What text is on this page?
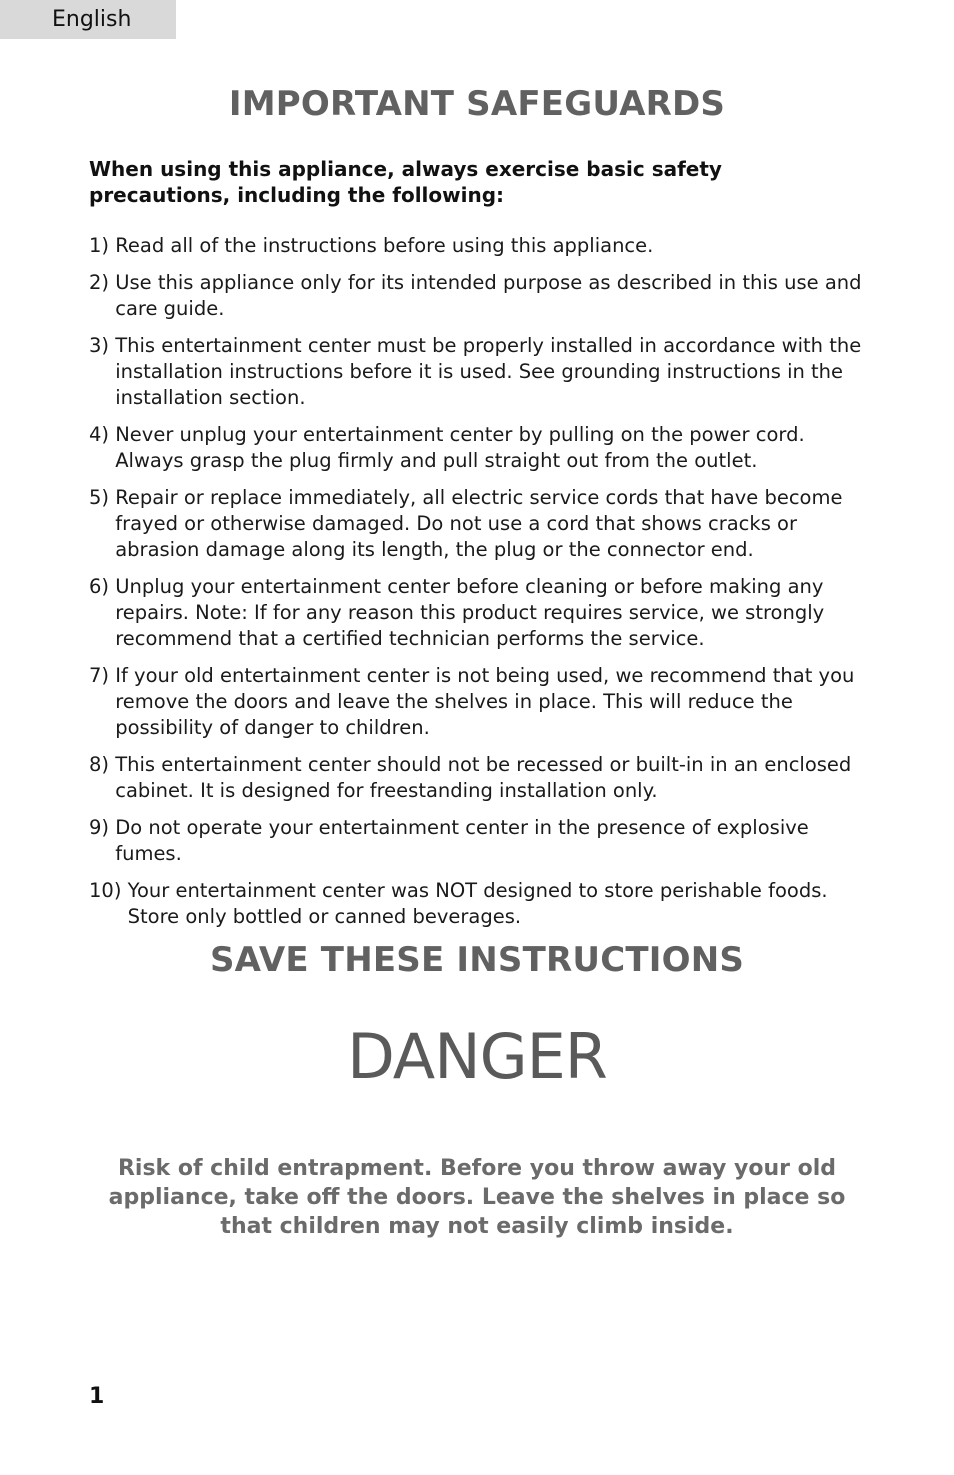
English
IMPORTANT SAFEGUARDS

When using this appliance, always exercise basic safety precautions, including the following:

1) Read all of the instructions before using this appliance.
2) Use this appliance only for its intended purpose as described in this use and care guide.
3) This entertainment center must be properly installed in accordance with the installation instructions before it is used. See grounding instructions in the installation section.
4) Never unplug your entertainment center by pulling on the power cord. Always grasp the plug firmly and pull straight out from the outlet.
5) Repair or replace immediately, all electric service cords that have become frayed or otherwise damaged. Do not use a cord that shows cracks or abrasion damage along its length, the plug or the connector end.
6) Unplug your entertainment center before cleaning or before making any repairs. Note: If for any reason this product requires service, we strongly recommend that a certified technician performs the service.
7) If your old entertainment center is not being used, we recommend that you remove the doors and leave the shelves in place. This will reduce the possibility of danger to children.
8) This entertainment center should not be recessed or built-in in an enclosed cabinet. It is designed for freestanding installation only.
9) Do not operate your entertainment center in the presence of explosive fumes.
10) Your entertainment center was NOT designed to store perishable foods. Store only bottled or canned beverages.
SAVE THESE INSTRUCTIONS
DANGER

Risk of child entrapment. Before you throw away your old appliance, take off the doors. Leave the shelves in place so that children may not easily climb inside.

1
